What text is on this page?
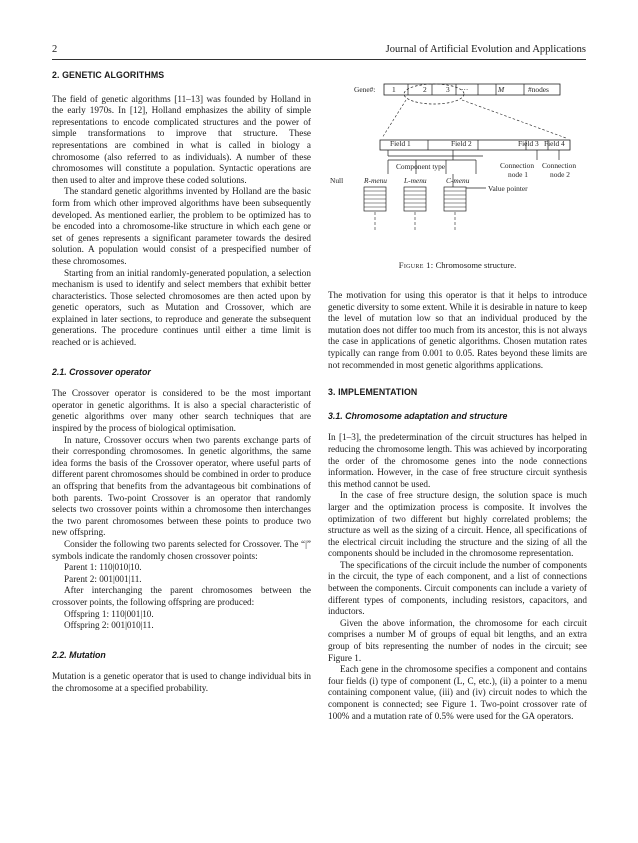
2	Journal of Artificial Evolution and Applications
2. GENETIC ALGORITHMS

The field of genetic algorithms [11–13] was founded by Holland in the early 1970s. In [12], Holland emphasizes the ability of simple representations to encode complicated structures and the power of simple transformations to improve that structure. These representations are combined in what is called in biology a chromosome (also referred to as individuals). A number of these chromosomes will constitute a population. Syntactic operations are then used to alter and improve these coded solutions.

The standard genetic algorithms invented by Holland are the basic form from which other improved algorithms have been subsequently developed. As mentioned earlier, the problem to be optimized has to be encoded into a chromosome-like structure in which each gene or set of genes represents a significant parameter towards the desired solution. A population would consist of a prespecified number of these chromosomes.

Starting from an initial randomly-generated population, a selection mechanism is used to identify and select members that exhibit better characteristics. Those selected chromosomes are then acted upon by genetic operators, such as Mutation and Crossover, which are explained in later sections, to reproduce and generate the subsequent generations. The procedure continues until either a time limit is reached or is achieved.

2.1. Crossover operator

The Crossover operator is considered to be the most important operator in genetic algorithms. It is also a special characteristic of genetic algorithms over many other search techniques that are inspired by the process of biological optimisation.

In nature, Crossover occurs when two parents exchange parts of their corresponding chromosomes. In genetic algorithms, the same idea forms the basis of the Crossover operator, where useful parts of different parent chromosomes should be combined in order to produce an offspring that benefits from the advantageous bit combinations of both parents. Two-point Crossover is an operator that randomly selects two crossover points within a chromosome then interchanges the two parent chromosomes between these points to produce two new offspring.

Consider the following two parents selected for Crossover. The “|” symbols indicate the randomly chosen crossover points:

Parent 1: 110|010|10.
Parent 2: 001|001|11.

After interchanging the parent chromosomes between the crossover points, the following offspring are produced:

Offspring 1: 110|001|10.
Offspring 2: 001|010|11.
2.2. Mutation

Mutation is a genetic operator that is used to change individual bits in the chromosome at a specified probability.

Gene#: 1	2	3 ···	M	#nodes
Field 1	Field 2	Field 3 Field 4
Component type
Null	R-menu L-menu	C-menu
Connection
node 1
Connection
node 2
Value pointer
Figure 1: Chromosome structure.

The motivation for using this operator is that it helps to introduce genetic diversity to some extent. While it is desirable in nature to keep the level of mutation low so that an individual produced by the mutation does not differ too much from its ancestor, this is not always the case in applications of genetic algorithms. Chosen mutation rates typically can range from 0.001 to 0.05. Rates beyond these limits are not recommended in most genetic algorithms applications.

3. IMPLEMENTATION
3.1. Chromosome adaptation and structure

In [1–3], the predetermination of the circuit structures has helped in reducing the chromosome length. This was achieved by incorporating the order of the chromosome genes into the node connections information. However, in the case of free structure circuit synthesis this method cannot be used.

In the case of free structure design, the solution space is much larger and the optimization process is composite. It involves the optimization of two different but highly correlated problems; the structure as well as the sizing of a circuit. Hence, all specifications of the electrical circuit including the structure and the sizing of all the components should be included in the chromosome representation.

The specifications of the circuit include the number of components in the circuit, the type of each component, and a list of connections between the components. Circuit components can include a variety of different types of components, including resistors, capacitors, and inductors.

Given the above information, the chromosome for each circuit comprises a number M of groups of equal bit lengths, and an extra group of bits representing the number of nodes in the circuit; see Figure 1.

Each gene in the chromosome specifies a component and contains four fields (i) type of component (L, C, etc.), (ii) a pointer to a menu containing component value, (iii) and (iv) circuit nodes to which the component is connected; see Figure 1. Two-point crossover rate of 100% and a mutation rate of 0.5% were used for the GA operators.
